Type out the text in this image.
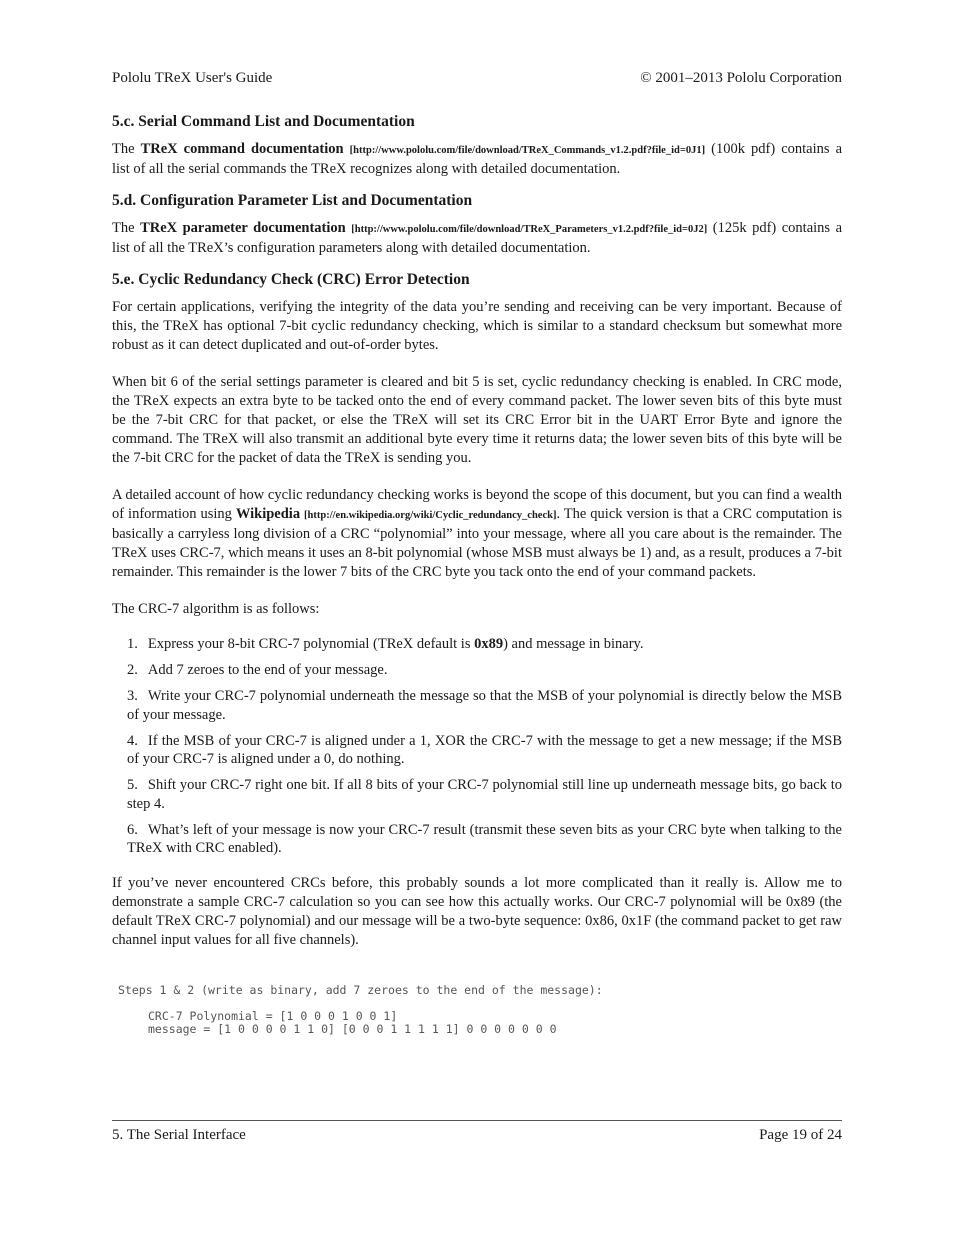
Pololu TReX User's Guide	© 2001–2013 Pololu Corporation
5.c. Serial Command List and Documentation

The TReX command documentation [http://www.pololu.com/file/download/TReX_Commands_v1.2.pdf?file_id=0J1] (100k pdf) contains a list of all the serial commands the TReX recognizes along with detailed documentation.

5.d. Configuration Parameter List and Documentation

The TReX parameter documentation [http://www.pololu.com/file/download/TReX_Parameters_v1.2.pdf?file_id=0J2] (125k pdf) contains a list of all the TReX’s configuration parameters along with detailed documentation.

5.e. Cyclic Redundancy Check (CRC) Error Detection

For certain applications, verifying the integrity of the data you’re sending and receiving can be very important. Because of this, the TReX has optional 7-bit cyclic redundancy checking, which is similar to a standard checksum but somewhat more robust as it can detect duplicated and out-of-order bytes.

When bit 6 of the serial settings parameter is cleared and bit 5 is set, cyclic redundancy checking is enabled. In CRC mode, the TReX expects an extra byte to be tacked onto the end of every command packet. The lower seven bits of this byte must be the 7-bit CRC for that packet, or else the TReX will set its CRC Error bit in the UART Error Byte and ignore the command. The TReX will also transmit an additional byte every time it returns data; the lower seven bits of this byte will be the 7-bit CRC for the packet of data the TReX is sending you.

A detailed account of how cyclic redundancy checking works is beyond the scope of this document, but you can find a wealth of information using Wikipedia [http://en.wikipedia.org/wiki/Cyclic_redundancy_check]. The quick version is that a CRC computation is basically a carryless long division of a CRC “polynomial” into your message, where all you care about is the remainder. The TReX uses CRC-7, which means it uses an 8-bit polynomial (whose MSB must always be 1) and, as a result, produces a 7-bit remainder. This remainder is the lower 7 bits of the CRC byte you tack onto the end of your command packets.

The CRC-7 algorithm is as follows:

1. Express your 8-bit CRC-7 polynomial (TReX default is 0x89) and message in binary.
2. Add 7 zeroes to the end of your message.
3. Write your CRC-7 polynomial underneath the message so that the MSB of your polynomial is directly below the MSB of your message.
4. If the MSB of your CRC-7 is aligned under a 1, XOR the CRC-7 with the message to get a new message; if the MSB of your CRC-7 is aligned under a 0, do nothing.
5. Shift your CRC-7 right one bit. If all 8 bits of your CRC-7 polynomial still line up underneath message bits, go back to step 4.
6. What’s left of your message is now your CRC-7 result (transmit these seven bits as your CRC byte when talking to the TReX with CRC enabled).

If you’ve never encountered CRCs before, this probably sounds a lot more complicated than it really is. Allow me to demonstrate a sample CRC-7 calculation so you can see how this actually works. Our CRC-7 polynomial will be 0x89 (the default TReX CRC-7 polynomial) and our message will be a two-byte sequence: 0x86, 0x1F (the command packet to get raw channel input values for all five channels).

Steps 1 & 2 (write as binary, add 7 zeroes to the end of the message):

CRC-7 Polynomial = [1 0 0 0 1 0 0 1]
message = [1 0 0 0 0 1 1 0] [0 0 0 1 1 1 1 1] 0 0 0 0 0 0 0
5. The Serial Interface	Page 19 of 24
